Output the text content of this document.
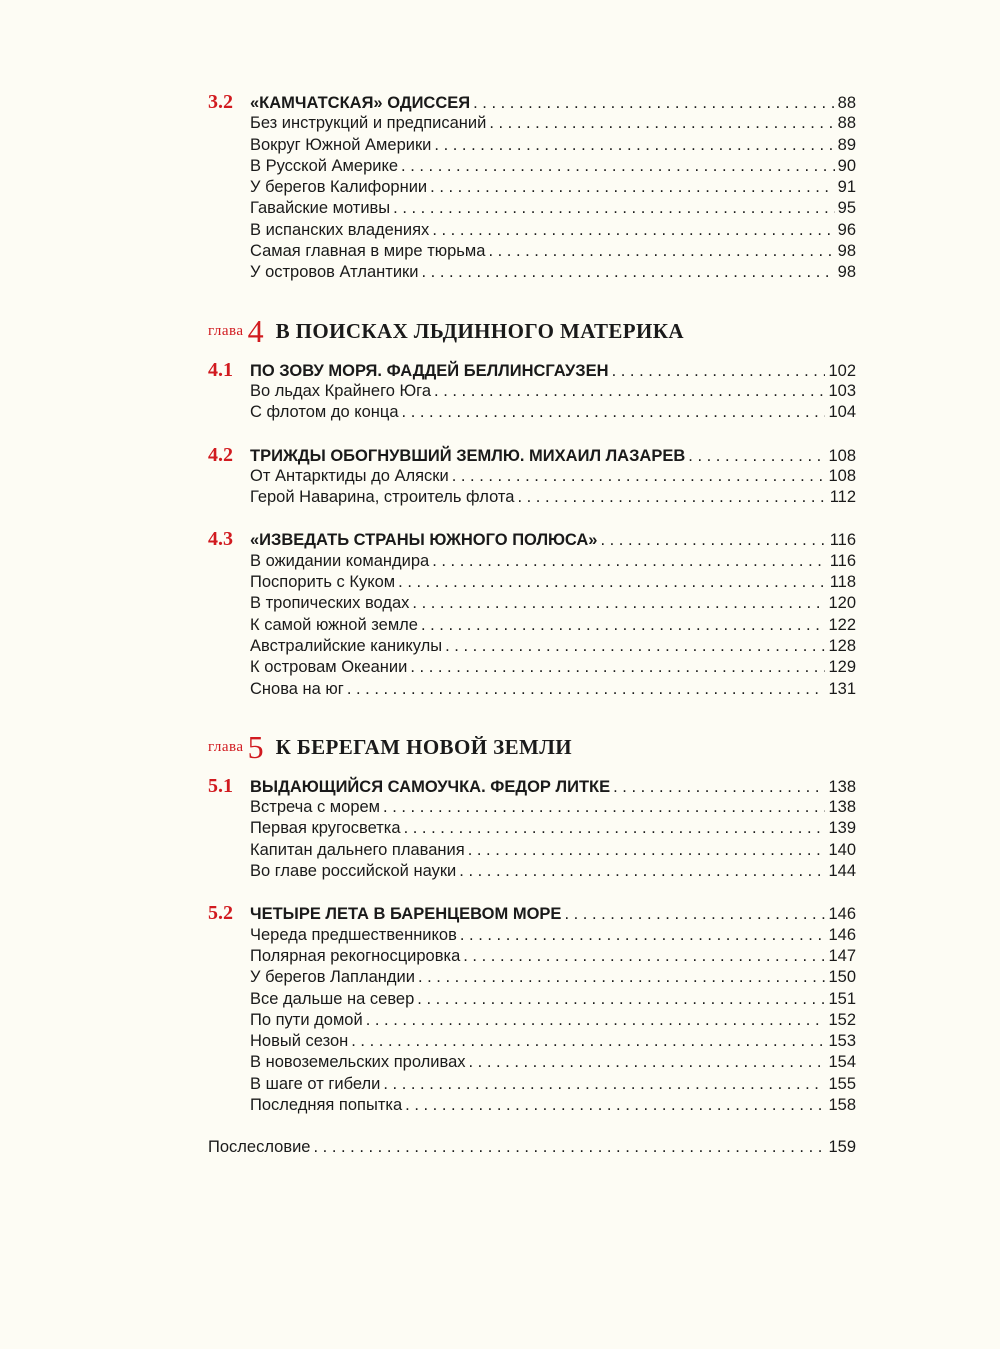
3.2	«КАМЧАТСКАЯ» ОДИССЕЯ . . .	88
Без инструкций и предписаний . . .	88
Вокруг Южной Америки . . .	89
В Русской Америке . . .	90
У берегов Калифорнии . . .	91
Гавайские мотивы . . .	95
В испанских владениях . . .	96
Самая главная в мире тюрьма . . .	98
У островов Атлантики . . .	98
глава 4 В ПОИСКАХ ЛЬДИННОГО МАТЕРИКА
4.1	ПО ЗОВУ МОРЯ. ФАДДЕЙ БЕЛЛИНСГАУЗЕН . . .	102
Во льдах Крайнего Юга . . .	103
С флотом до конца . . .	104
4.2	ТРИЖДЫ ОБОГНУВШИЙ ЗЕМЛЮ. МИХАИЛ ЛАЗАРЕВ . . .	108
От Антарктиды до Аляски . . .	108
Герой Наварина, строитель флота . . .	112
4.3	«ИЗВЕДАТЬ СТРАНЫ ЮЖНОГО ПОЛЮСА» . . .	116
В ожидании командира . . .	116
Поспорить с Куком . . .	118
В тропических водах . . .	120
К самой южной земле . . .	122
Австралийские каникулы . . .	128
К островам Океании . . .	129
Снова на юг . . .	131
глава 5 К БЕРЕГАМ НОВОЙ ЗЕМЛИ
5.1	ВЫДАЮЩИЙСЯ САМОУЧКА. ФЕДОР ЛИТКЕ . . .	138
Встреча с морем . . .	138
Первая кругосветка . . .	139
Капитан дальнего плавания . . .	140
Во главе российской науки . . .	144
5.2	ЧЕТЫРЕ ЛЕТА В БАРЕНЦЕВОМ МОРЕ . . .	146
Череда предшественников . . .	146
Полярная рекогносцировка . . .	147
У берегов Лапландии . . .	150
Все дальше на север . . .	151
По пути домой . . .	152
Новый сезон . . .	153
В новоземельских проливах . . .	154
В шаге от гибели . . .	155
Последняя попытка . . .	158
Послесловие . . .	159
